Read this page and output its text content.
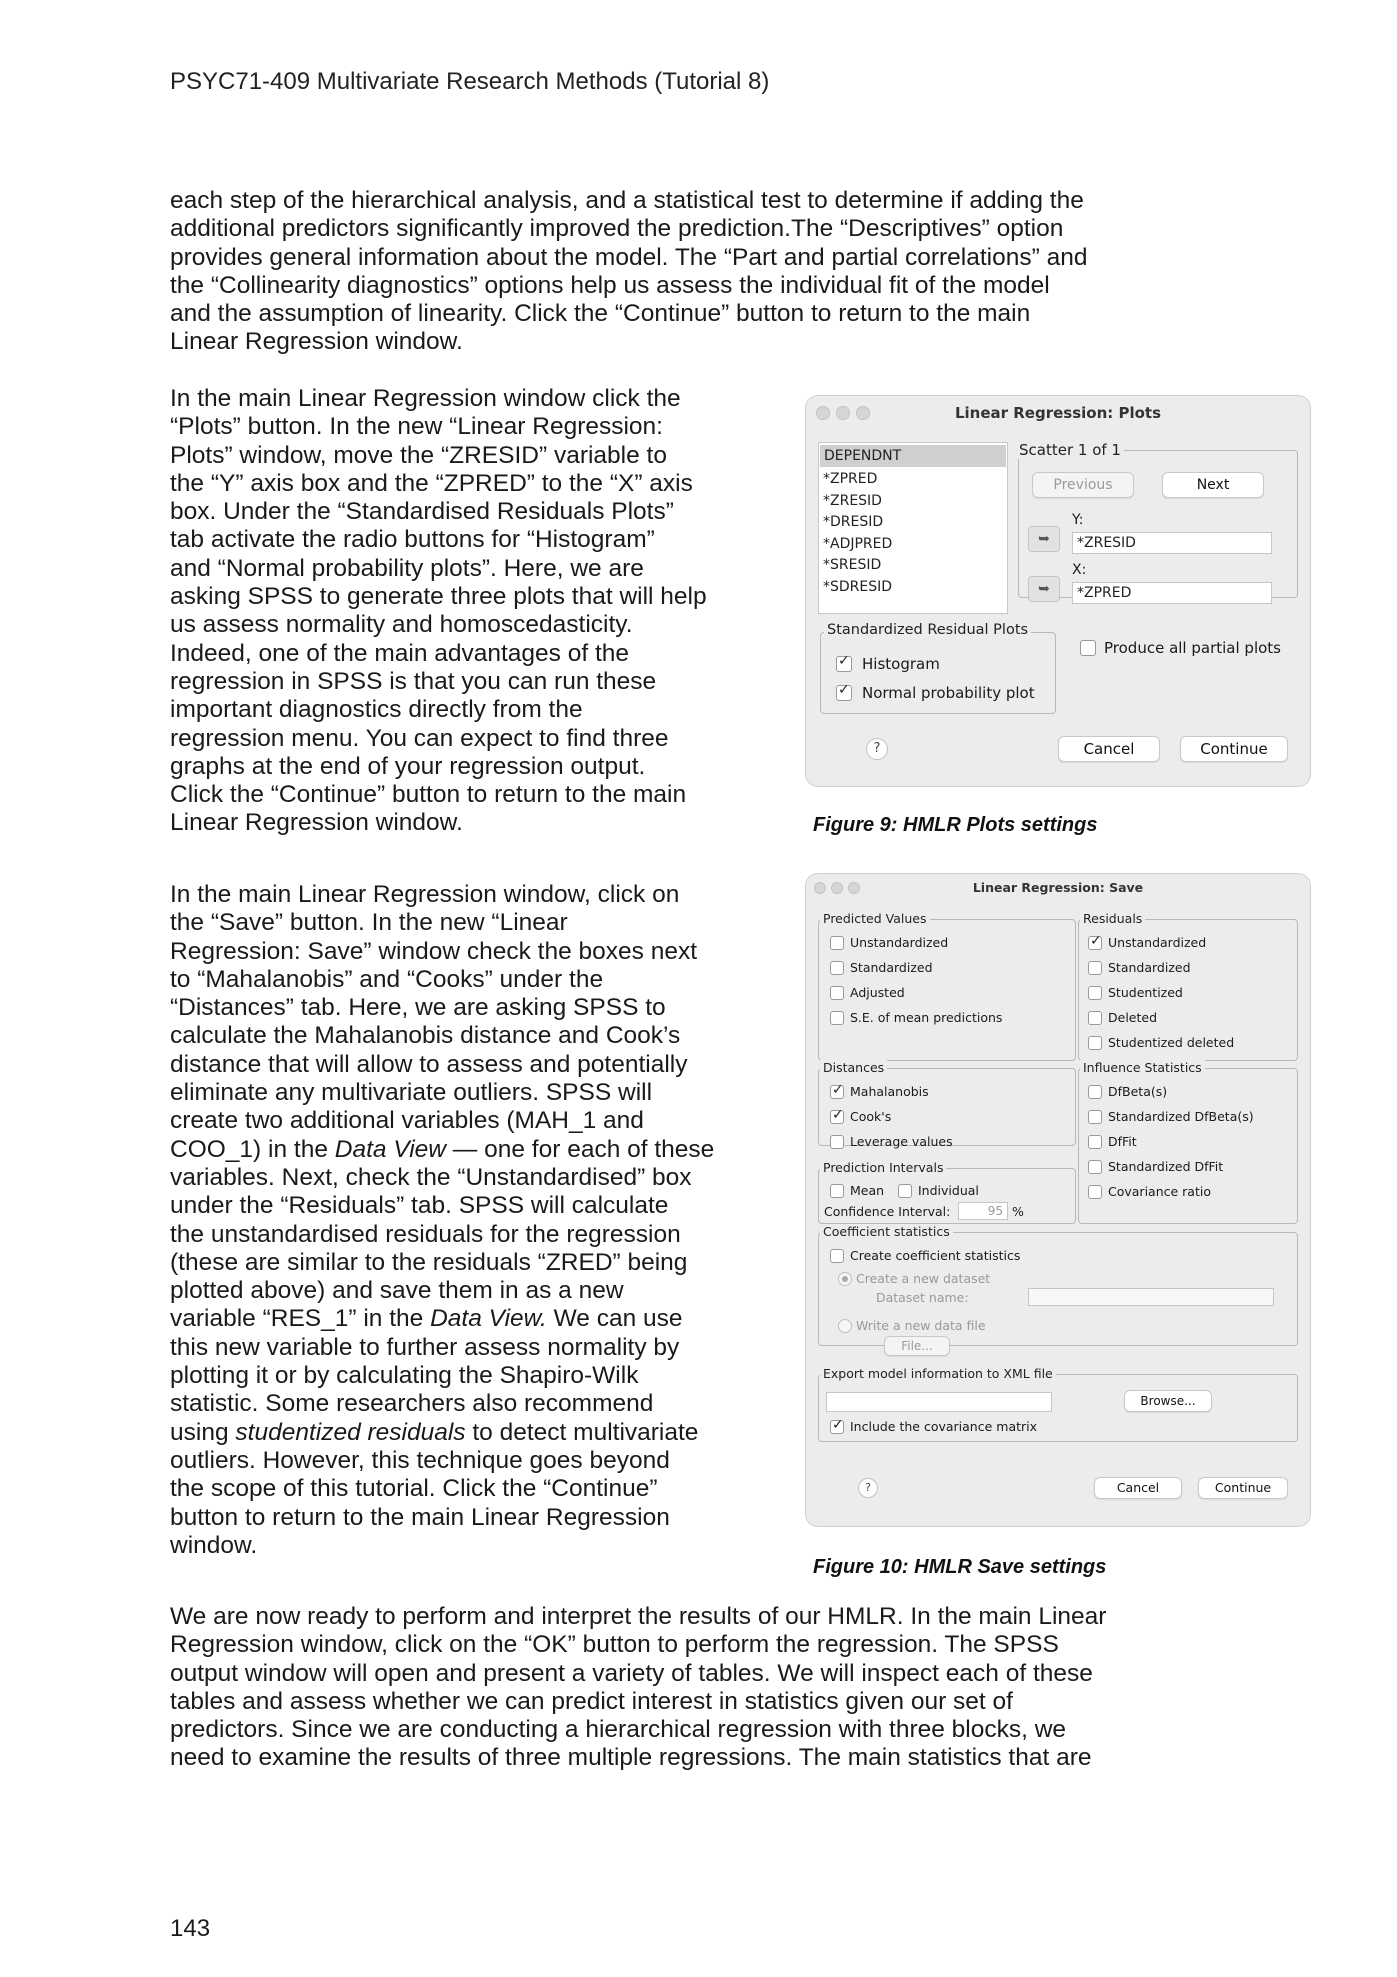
PSYC71-409 Multivariate Research Methods (Tutorial 8)

each step of the hierarchical analysis, and a statistical test to determine if adding the

additional predictors significantly improved the prediction.The “Descriptives” option

provides general information about the model. The “Part and partial correlations” and

the “Collinearity diagnostics” options help us assess the individual fit of the model

and the assumption of linearity. Click the “Continue” button to return to the main

Linear Regression window.

In the main Linear Regression window click the

“Plots” button. In the new “Linear Regression:

Plots” window, move the “ZRESID” variable to

the “Y” axis box and the “ZPRED” to the “X” axis

box. Under the “Standardised Residuals Plots”

tab activate the radio buttons for “Histogram”

and “Normal probability plots”. Here, we are

asking SPSS to generate three plots that will help

us assess normality and homoscedasticity.

Indeed, one of the main advantages of the

regression in SPSS is that you can run these

important diagnostics directly from the

regression menu. You can expect to find three

graphs at the end of your regression output.

Click the “Continue” button to return to the main

Linear Regression window.

In the main Linear Regression window, click on

the “Save” button. In the new “Linear

Regression: Save” window check the boxes next

to “Mahalanobis” and “Cooks” under the

“Distances” tab. Here, we are asking SPSS to

calculate the Mahalanobis distance and Cook’s

distance that will allow to assess and potentially

eliminate any multivariate outliers. SPSS will

create two additional variables (MAH_1 and

COO_1) in the Data View — one for each of these

variables. Next, check the “Unstandardised” box

under the “Residuals” tab. SPSS will calculate

the unstandardised residuals for the regression

(these are similar to the residuals “ZRED” being

plotted above) and save them in as a new

variable “RES_1” in the Data View. We can use

this new variable to further assess normality by

plotting it or by calculating the Shapiro-Wilk

statistic. Some researchers also recommend

using studentized residuals to detect multivariate

outliers. However, this technique goes beyond

the scope of this tutorial. Click the “Continue”

button to return to the main Linear Regression

window.

We are now ready to perform and interpret the results of our HMLR. In the main Linear

Regression window, click on the “OK” button to perform the regression. The SPSS

output window will open and present a variety of tables. We will inspect each of these

tables and assess whether we can predict interest in statistics given our set of

predictors. Since we are conducting a hierarchical regression with three blocks, we

need to examine the results of three multiple regressions. The main statistics that are

Linear Regression: Plots
DEPENDNT
*ZPRED
*ZRESID
*DRESID
*ADJPRED
*SRESID
*SDRESID
Scatter 1 of 1
Previous	Next
➥
Y:
*ZRESID
➥
X:
*ZPRED
Standardized Residual Plots
✓
Histogram
✓
Normal probability plot
Produce all partial plots
?	Cancel	Continue
Figure 9: HMLR Plots settings
Linear Regression: Save
Predicted Values
Unstandardized
Standardized
Adjusted
S.E. of mean predictions
Residuals
✓
Unstandardized
Standardized
Studentized
Deleted
Studentized deleted
Distances
✓
Mahalanobis
✓
Cook's
Leverage values
Influence Statistics
DfBeta(s)
Standardized DfBeta(s)
DfFit
Standardized DfFit
Covariance ratio
Prediction Intervals
Mean	Individual
Confidence Interval:	95 %
Coefficient statistics
Create coefficient statistics
Create a new dataset
Dataset name:
Write a new data file
File...
Export model information to XML file
Browse...
✓
Include the covariance matrix
?	Cancel	Continue
Figure 10: HMLR Save settings
143
